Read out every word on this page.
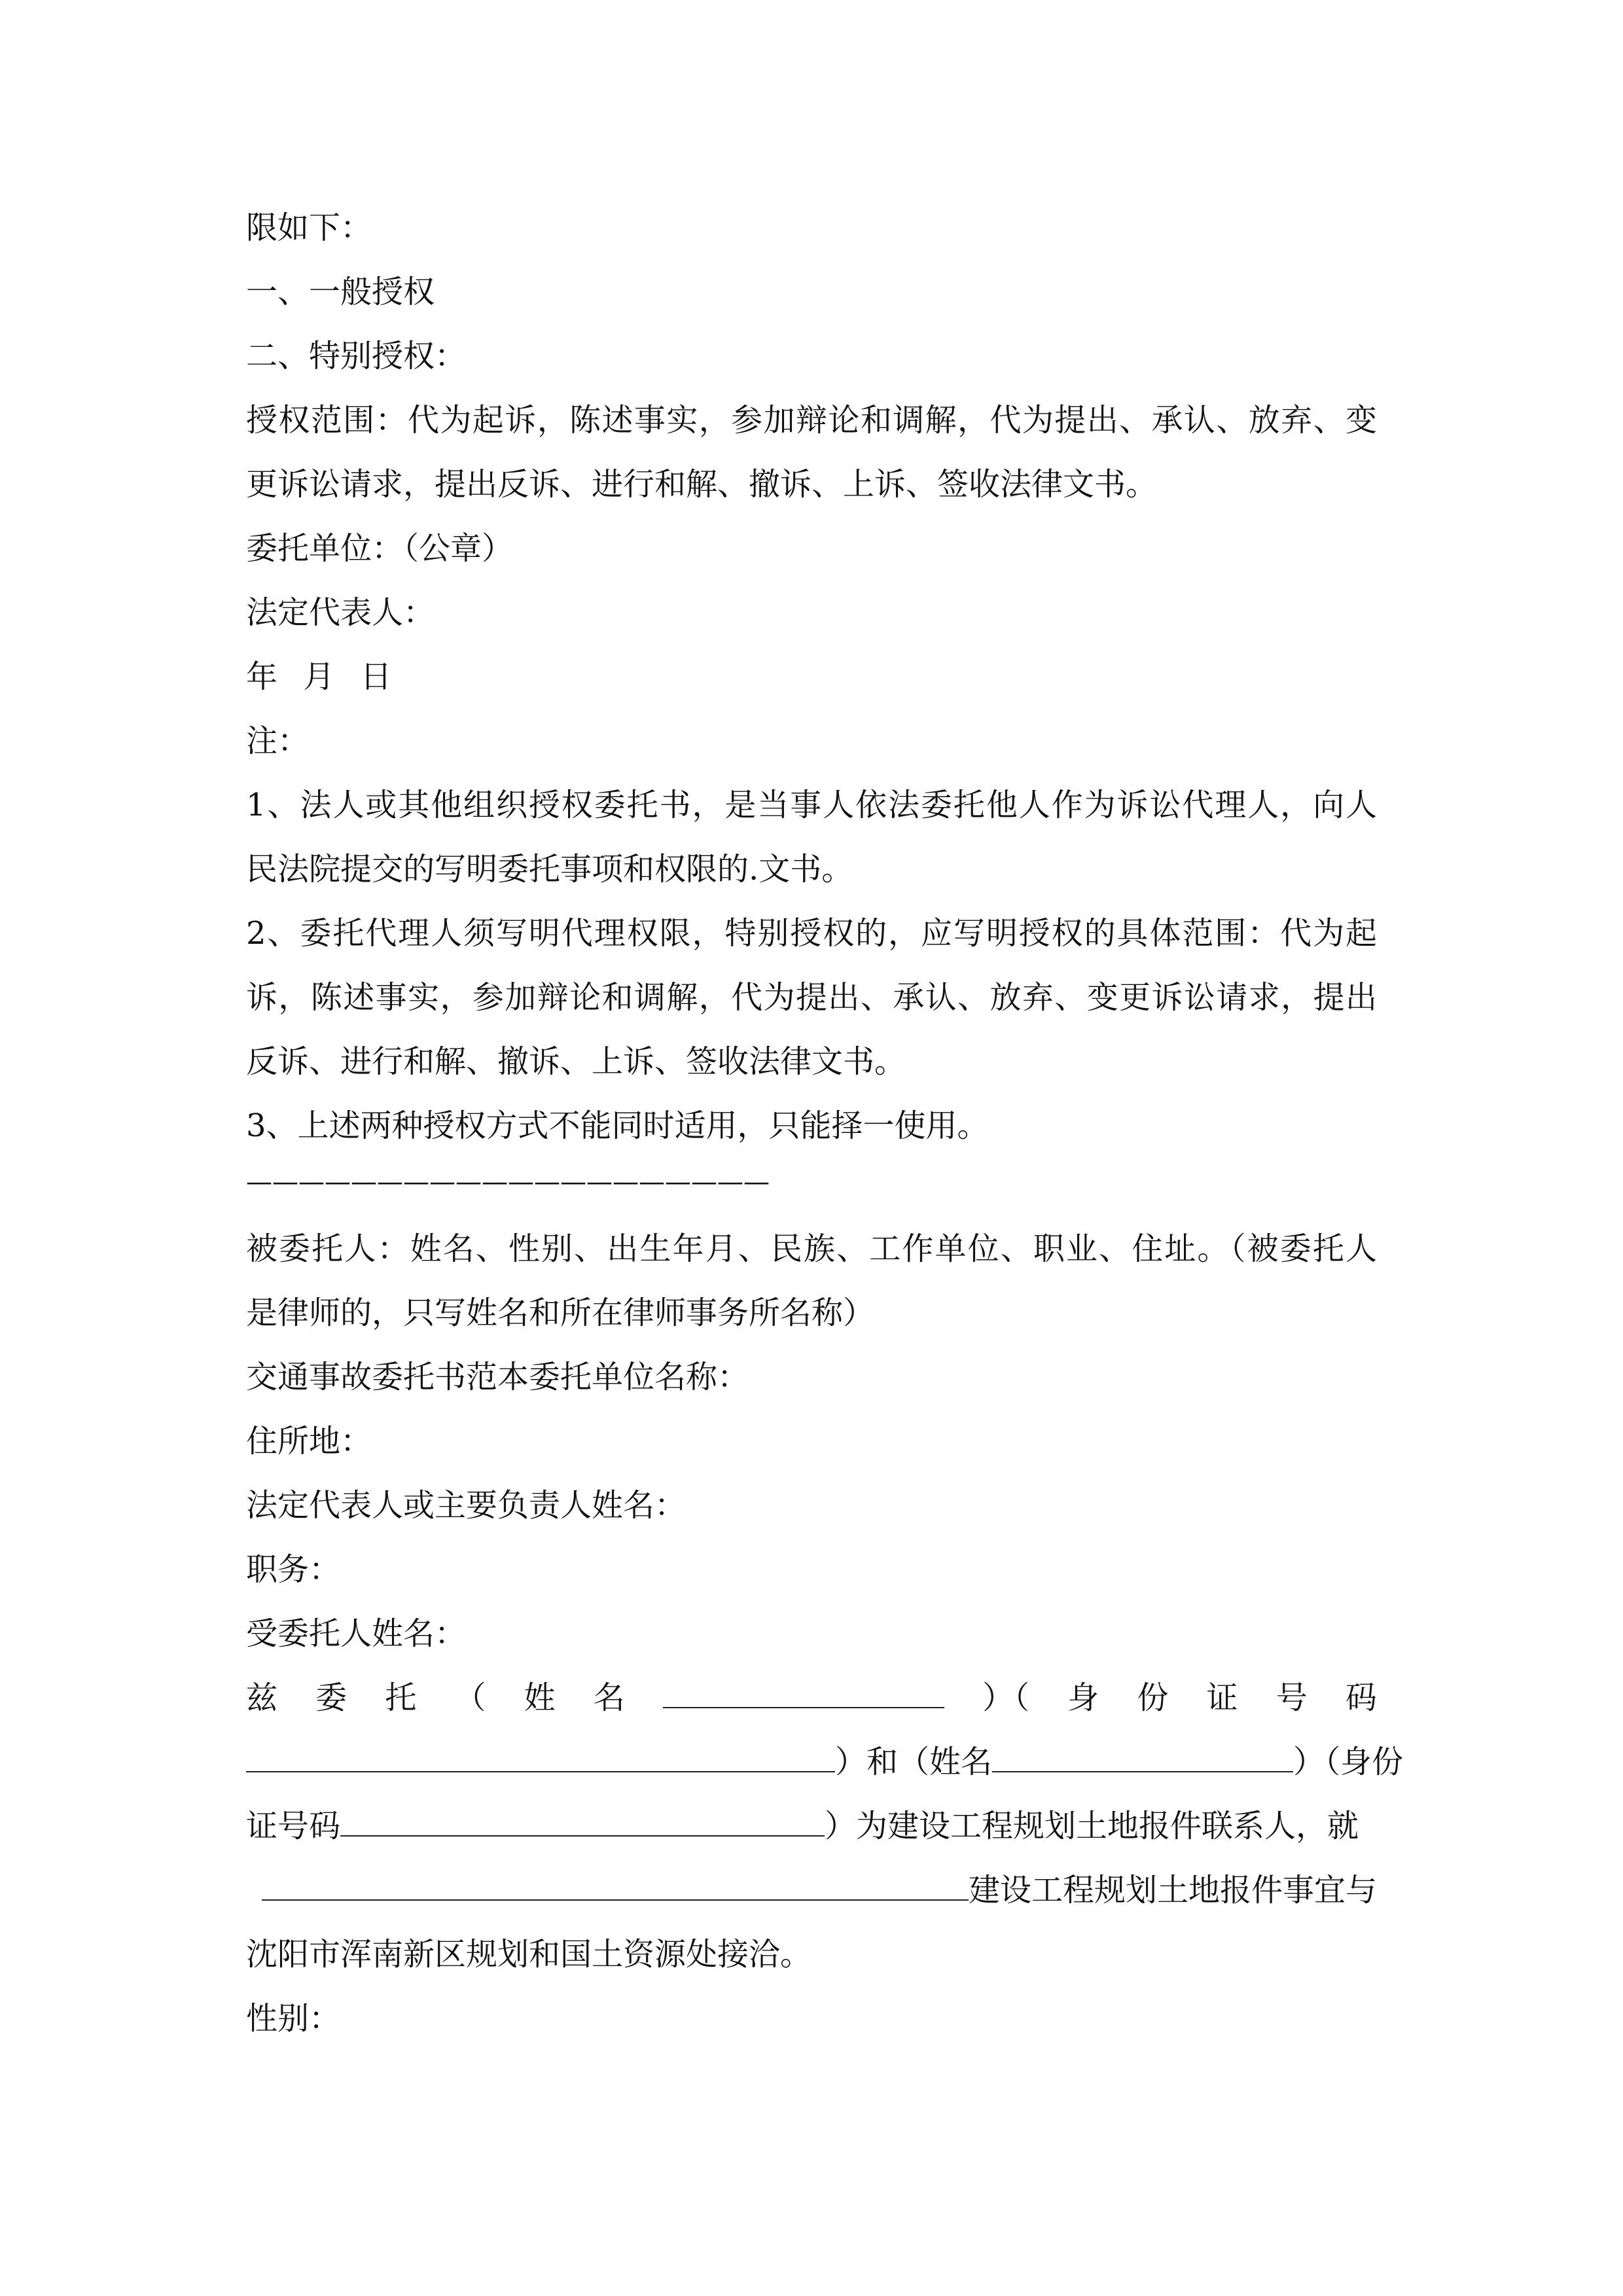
限如下：
一、一般授权
二、特别授权：
授权范围：代为起诉，陈述事实，参加辩论和调解，代为提出、承认、放弃、变
更诉讼请求，提出反诉、进行和解、撤诉、上诉、签收法律文书。
委托单位：（公章）
法定代表人：
年 月 日
注：
1、法人或其他组织授权委托书，是当事人依法委托他人作为诉讼代理人，向人
民法院提交的写明委托事项和权限的.文书。
2、委托代理人须写明代理权限，特别授权的，应写明授权的具体范围：代为起
诉，陈述事实，参加辩论和调解，代为提出、承认、放弃、变更诉讼请求，提出
反诉、进行和解、撤诉、上诉、签收法律文书。
3、上述两种授权方式不能同时适用，只能择一使用。
————————————————————
被委托人：姓名、性别、出生年月、民族、工作单位、职业、住址。（被委托人
是律师的，只写姓名和所在律师事务所名称）
交通事故委托书范本委托单位名称：
住所地：
法定代表人或主要负责人姓名：
职务：
受委托人姓名：
兹 委 托 （ 姓 名	）（ 身 份 证 号 码
）和（姓名	）（身份
证号码	）为建设工程规划土地报件联系人，就
建设工程规划土地报件事宜与
沈阳市浑南新区规划和国土资源处接洽。
性别：
